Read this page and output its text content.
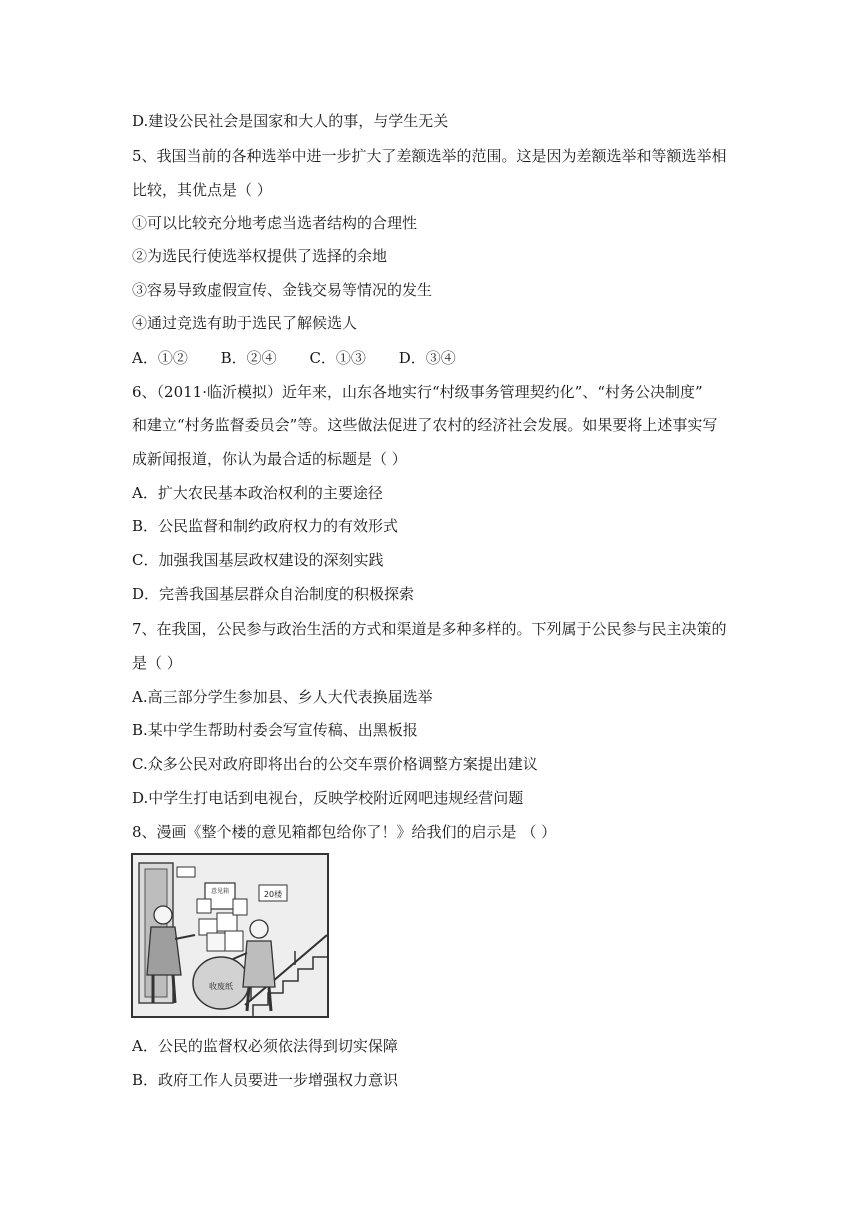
D.建设公民社会是国家和大人的事，与学生无关
5、我国当前的各种选举中进一步扩大了差额选举的范围。这是因为差额选举和等额选举相
比较，其优点是（ ）
①可以比较充分地考虑当选者结构的合理性
②为选民行使选举权提供了选择的余地
③容易导致虚假宣传、金钱交易等情况的发生
④通过竞选有助于选民了解候选人
A．①② B．②④ C．①③ D．③④
6、（2011·临沂模拟）近年来，山东各地实行“村级事务管理契约化”、“村务公决制度”
和建立“村务监督委员会”等。这些做法促进了农村的经济社会发展。如果要将上述事实写
成新闻报道，你认为最合适的标题是（ ）
A．扩大农民基本政治权利的主要途径
B．公民监督和制约政府权力的有效形式
C．加强我国基层政权建设的深刻实践
D．完善我国基层群众自治制度的积极探索
7、在我国，公民参与政治生活的方式和渠道是多种多样的。下列属于公民参与民主决策的
是（ ）
A.高三部分学生参加县、乡人大代表换届选举
B.某中学生帮助村委会写宣传稿、出黑板报
C.众多公民对政府即将出台的公交车票价格调整方案提出建议
D.中学生打电话到电视台，反映学校附近网吧违规经营问题
8、漫画《整个楼的意见箱都包给你了！》给我们的启示是 （ ）
20楼
收废纸
意见箱
A．公民的监督权必须依法得到切实保障
B．政府工作人员要进一步增强权力意识
